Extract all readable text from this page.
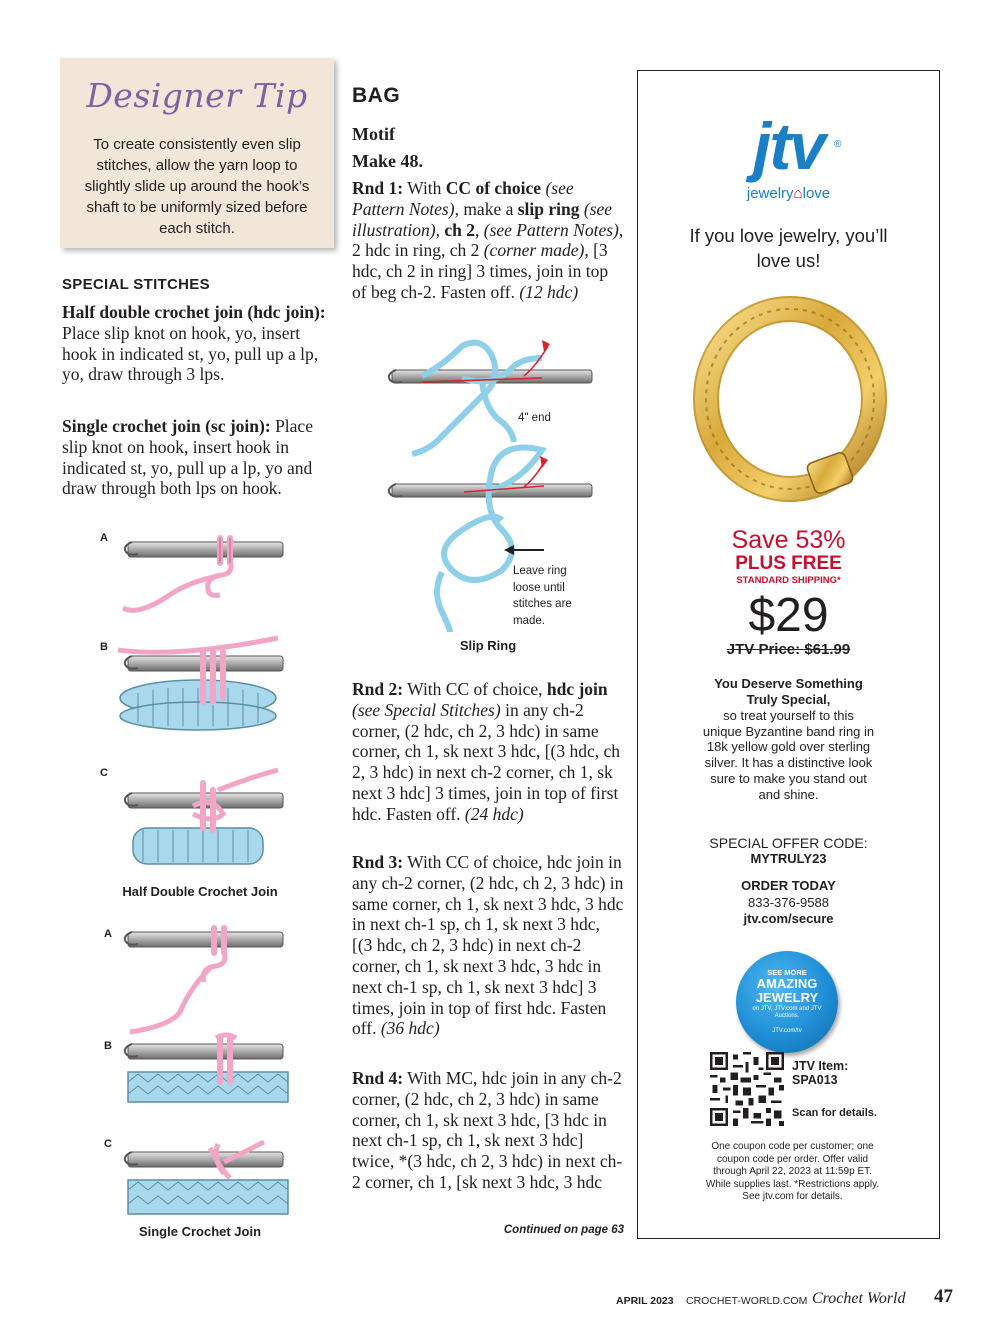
Designer Tip
To create consistently even slip stitches, allow the yarn loop to slightly slide up around the hook’s shaft to be uniformly sized before each stitch.
SPECIAL STITCHES
Half double crochet join (hdc join): Place slip knot on hook, yo, insert hook in indicated st, yo, pull up a lp, yo, draw through 3 lps.
Single crochet join (sc join): Place slip knot on hook, insert hook in indicated st, yo, pull up a lp, yo and draw through both lps on hook.
A
B
C
Half Double Crochet Join
A
B
C
Single Crochet Join
BAG
Motif
Make 48.
Rnd 1: With CC of choice (see Pattern Notes), make a slip ring (see illustration), ch 2, (see Pattern Notes), 2 hdc in ring, ch 2 (corner made), [3 hdc, ch 2 in ring] 3 times, join in top of beg ch-2. Fasten off. (12 hdc)
4" end
Leave ring loose until stitches are made.
Slip Ring
Rnd 2: With CC of choice, hdc join (see Special Stitches) in any ch-2 corner, (2 hdc, ch 2, 3 hdc) in same corner, ch 1, sk next 3 hdc, [(3 hdc, ch 2, 3 hdc) in next ch-2 corner, ch 1, sk next 3 hdc] 3 times, join in top of first hdc. Fasten off. (24 hdc)
Rnd 3: With CC of choice, hdc join in any ch-2 corner, (2 hdc, ch 2, 3 hdc) in same corner, ch 1, sk next 3 hdc, 3 hdc in next ch-1 sp, ch 1, sk next 3 hdc, [(3 hdc, ch 2, 3 hdc) in next ch-2 corner, ch 1, sk next 3 hdc, 3 hdc in next ch-1 sp, ch 1, sk next 3 hdc] 3 times, join in top of first hdc. Fasten off. (36 hdc)
Rnd 4: With MC, hdc join in any ch-2 corner, (2 hdc, ch 2, 3 hdc) in same corner, ch 1, sk next 3 hdc, [3 hdc in next ch-1 sp, ch 1, sk next 3 hdc] twice, *(3 hdc, ch 2, 3 hdc) in next ch-2 corner, ch 1, [sk next 3 hdc, 3 hdc
Continued on page 63
jtv ®
jewelry⌂love
If you love jewelry, you’ll love us!
Save 53%
PLUS FREE
STANDARD SHIPPING*
$29
JTV Price: $61.99
You Deserve Something Truly Special,
so treat yourself to this unique Byzantine band ring in 18k yellow gold over sterling silver. It has a distinctive look sure to make you stand out and shine.
SPECIAL OFFER CODE:
MYTRULY23
ORDER TODAY
833-376-9588
jtv.com/secure
SEE MORE
AMAZING JEWELRY
on JTV, JTV.com and JTV Auctions.
JTV.com/tv
JTV Item:
SPA013
Scan for details.
One coupon code per customer; one coupon code per order. Offer valid through April 22, 2023 at 11:59p ET. While supplies last. *Restrictions apply. See jtv.com for details.
APRIL 2023 CROCHET-WORLD.COM Crochet World 47
